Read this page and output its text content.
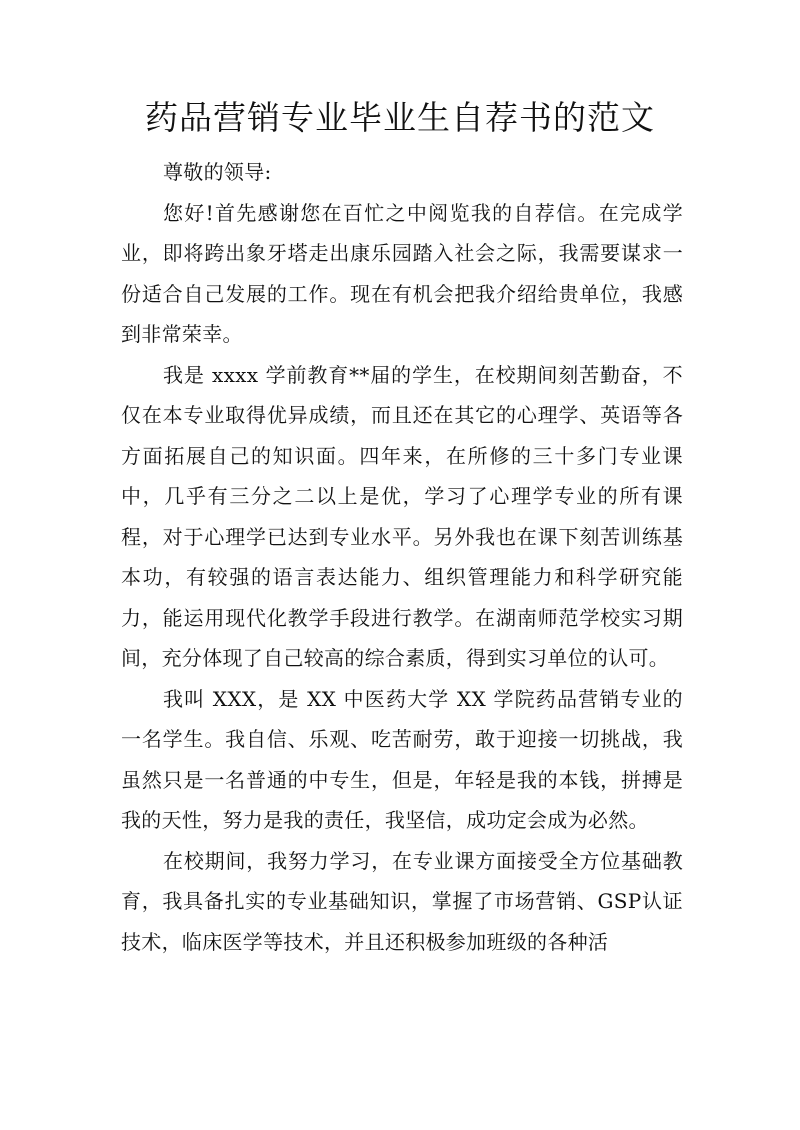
药品营销专业毕业生自荐书的范文

尊敬的领导:

您好!首先感谢您在百忙之中阅览我的自荐信。在完成学业，即将跨出象牙塔走出康乐园踏入社会之际，我需要谋求一份适合自己发展的工作。现在有机会把我介绍给贵单位，我感到非常荣幸。

我是 xxxx 学前教育**届的学生，在校期间刻苦勤奋，不仅在本专业取得优异成绩，而且还在其它的心理学、英语等各方面拓展自己的知识面。四年来，在所修的三十多门专业课中，几乎有三分之二以上是优，学习了心理学专业的所有课程，对于心理学已达到专业水平。另外我也在课下刻苦训练基本功，有较强的语言表达能力、组织管理能力和科学研究能力，能运用现代化教学手段进行教学。在湖南师范学校实习期间，充分体现了自己较高的综合素质，得到实习单位的认可。

我叫 XXX，是 XX 中医药大学 XX 学院药品营销专业的一名学生。我自信、乐观、吃苦耐劳，敢于迎接一切挑战，我虽然只是一名普通的中专生，但是，年轻是我的本钱，拼搏是我的天性，努力是我的责任，我坚信，成功定会成为必然。

在校期间，我努力学习，在专业课方面接受全方位基础教育，我具备扎实的专业基础知识，掌握了市场营销、GSP认证技术，临床医学等技术，并且还积极参加班级的各种活
